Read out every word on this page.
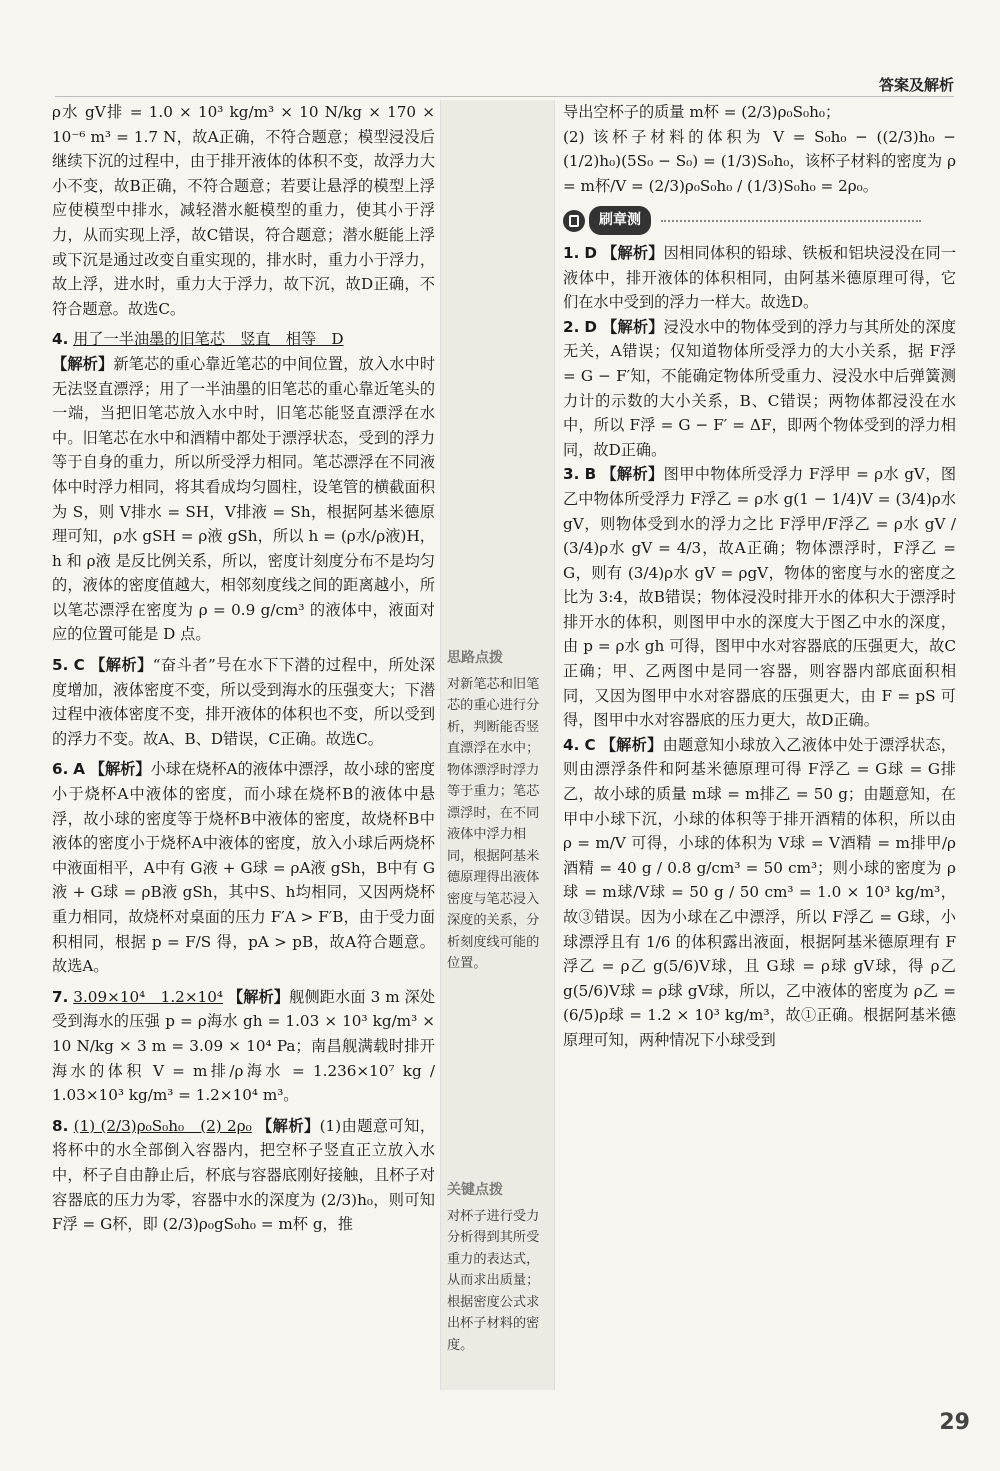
答案及解析

ρ水 gV排 = 1.0 × 10³ kg/m³ × 10 N/kg × 170 × 10⁻⁶ m³ = 1.7 N，故A正确，不符合题意；模型浸没后继续下沉的过程中，由于排开液体的体积不变，故浮力大小不变，故B正确，不符合题意；若要让悬浮的模型上浮应使模型中排水，减轻潜水艇模型的重力，使其小于浮力，从而实现上浮，故C错误，符合题意；潜水艇能上浮或下沉是通过改变自重实现的，排水时，重力小于浮力，故上浮，进水时，重力大于浮力，故下沉，故D正确，不符合题意。故选C。

4. 用了一半油墨的旧笔芯　竖直　相等　D

【解析】新笔芯的重心靠近笔芯的中间位置，放入水中时无法竖直漂浮；用了一半油墨的旧笔芯的重心靠近笔头的一端，当把旧笔芯放入水中时，旧笔芯能竖直漂浮在水中。旧笔芯在水中和酒精中都处于漂浮状态，受到的浮力等于自身的重力，所以所受浮力相同。笔芯漂浮在不同液体中时浮力相同，将其看成均匀圆柱，设笔管的横截面积为 S，则 V排水 = SH，V排液 = Sh，根据阿基米德原理可知，ρ水 gSH = ρ液 gSh，所以 h = (ρ水/ρ液)H，h 和 ρ液 是反比例关系，所以，密度计刻度分布不是均匀的，液体的密度值越大，相邻刻度线之间的距离越小，所以笔芯漂浮在密度为 ρ = 0.9 g/cm³ 的液体中，液面对应的位置可能是 D 点。

5. C 【解析】“奋斗者”号在水下下潜的过程中，所处深度增加，液体密度不变，所以受到海水的压强变大；下潜过程中液体密度不变，排开液体的体积也不变，所以受到的浮力不变。故A、B、D错误，C正确。故选C。

6. A 【解析】小球在烧杯A的液体中漂浮，故小球的密度小于烧杯A中液体的密度，而小球在烧杯B的液体中悬浮，故小球的密度等于烧杯B中液体的密度，故烧杯B中液体的密度小于烧杯A中液体的密度，放入小球后两烧杯中液面相平，A中有 G液 + G球 = ρA液 gSh，B中有 G液 + G球 = ρB液 gSh，其中S、h均相同，又因两烧杯重力相同，故烧杯对桌面的压力 F′A > F′B，由于受力面积相同，根据 p = F/S 得，pA > pB，故A符合题意。故选A。

7. 3.09×10⁴　1.2×10⁴ 【解析】舰侧距水面 3 m 深处受到海水的压强 p = ρ海水 gh = 1.03 × 10³ kg/m³ × 10 N/kg × 3 m = 3.09 × 10⁴ Pa；南昌舰满载时排开海水的体积 V = m排/ρ海水 = 1.236×10⁷ kg / 1.03×10³ kg/m³ = 1.2×10⁴ m³。

8. (1) (2/3)ρ₀S₀h₀　(2) 2ρ₀ 【解析】(1)由题意可知，将杯中的水全部倒入容器内，把空杯子竖直正立放入水中，杯子自由静止后，杯底与容器底刚好接触，且杯子对容器底的压力为零，容器中水的深度为 (2/3)h₀，则可知 F浮 = G杯，即 (2/3)ρ₀gS₀h₀ = m杯 g，推

思路点拨
对新笔芯和旧笔芯的重心进行分析，判断能否竖直漂浮在水中；物体漂浮时浮力等于重力；笔芯漂浮时，在不同液体中浮力相同，根据阿基米德原理得出液体密度与笔芯浸入深度的关系，分析刻度线可能的位置。
关键点拨
对杯子进行受力分析得到其所受重力的表达式，从而求出质量；根据密度公式求出杯子材料的密度。

导出空杯子的质量 m杯 = (2/3)ρ₀S₀h₀；

(2) 该杯子材料的体积为 V = S₀h₀ − ((2/3)h₀ − (1/2)h₀)(5S₀ − S₀) = (1/3)S₀h₀，该杯子材料的密度为 ρ = m杯/V = (2/3)ρ₀S₀h₀ / (1/3)S₀h₀ = 2ρ₀。

刷章测

1. D 【解析】因相同体积的铅球、铁板和铝块浸没在同一液体中，排开液体的体积相同，由阿基米德原理可得，它们在水中受到的浮力一样大。故选D。

2. D 【解析】浸没水中的物体受到的浮力与其所处的深度无关，A错误；仅知道物体所受浮力的大小关系，据 F浮 = G − F′知，不能确定物体所受重力、浸没水中后弹簧测力计的示数的大小关系，B、C错误；两物体都浸没在水中，所以 F浮 = G − F′ = ΔF，即两个物体受到的浮力相同，故D正确。

3. B 【解析】图甲中物体所受浮力 F浮甲 = ρ水 gV，图乙中物体所受浮力 F浮乙 = ρ水 g(1 − 1/4)V = (3/4)ρ水 gV，则物体受到水的浮力之比 F浮甲/F浮乙 = ρ水 gV / (3/4)ρ水 gV = 4/3，故A正确；物体漂浮时，F浮乙 = G，则有 (3/4)ρ水 gV = ρgV，物体的密度与水的密度之比为 3:4，故B错误；物体浸没时排开水的体积大于漂浮时排开水的体积，则图甲中水的深度大于图乙中水的深度，由 p = ρ水 gh 可得，图甲中水对容器底的压强更大，故C正确；甲、乙两图中是同一容器，则容器内部底面积相同，又因为图甲中水对容器底的压强更大，由 F = pS 可得，图甲中水对容器底的压力更大，故D正确。

4. C 【解析】由题意知小球放入乙液体中处于漂浮状态，则由漂浮条件和阿基米德原理可得 F浮乙 = G球 = G排乙，故小球的质量 m球 = m排乙 = 50 g；由题意知，在甲中小球下沉，小球的体积等于排开酒精的体积，所以由 ρ = m/V 可得，小球的体积为 V球 = V酒精 = m排甲/ρ酒精 = 40 g / 0.8 g/cm³ = 50 cm³；则小球的密度为 ρ球 = m球/V球 = 50 g / 50 cm³ = 1.0 × 10³ kg/m³，故③错误。因为小球在乙中漂浮，所以 F浮乙 = G球，小球漂浮且有 1/6 的体积露出液面，根据阿基米德原理有 F浮乙 = ρ乙 g(5/6)V球，且 G球 = ρ球 gV球，得 ρ乙 g(5/6)V球 = ρ球 gV球，所以，乙中液体的密度为 ρ乙 = (6/5)ρ球 = 1.2 × 10³ kg/m³，故①正确。根据阿基米德原理可知，两种情况下小球受到

29
